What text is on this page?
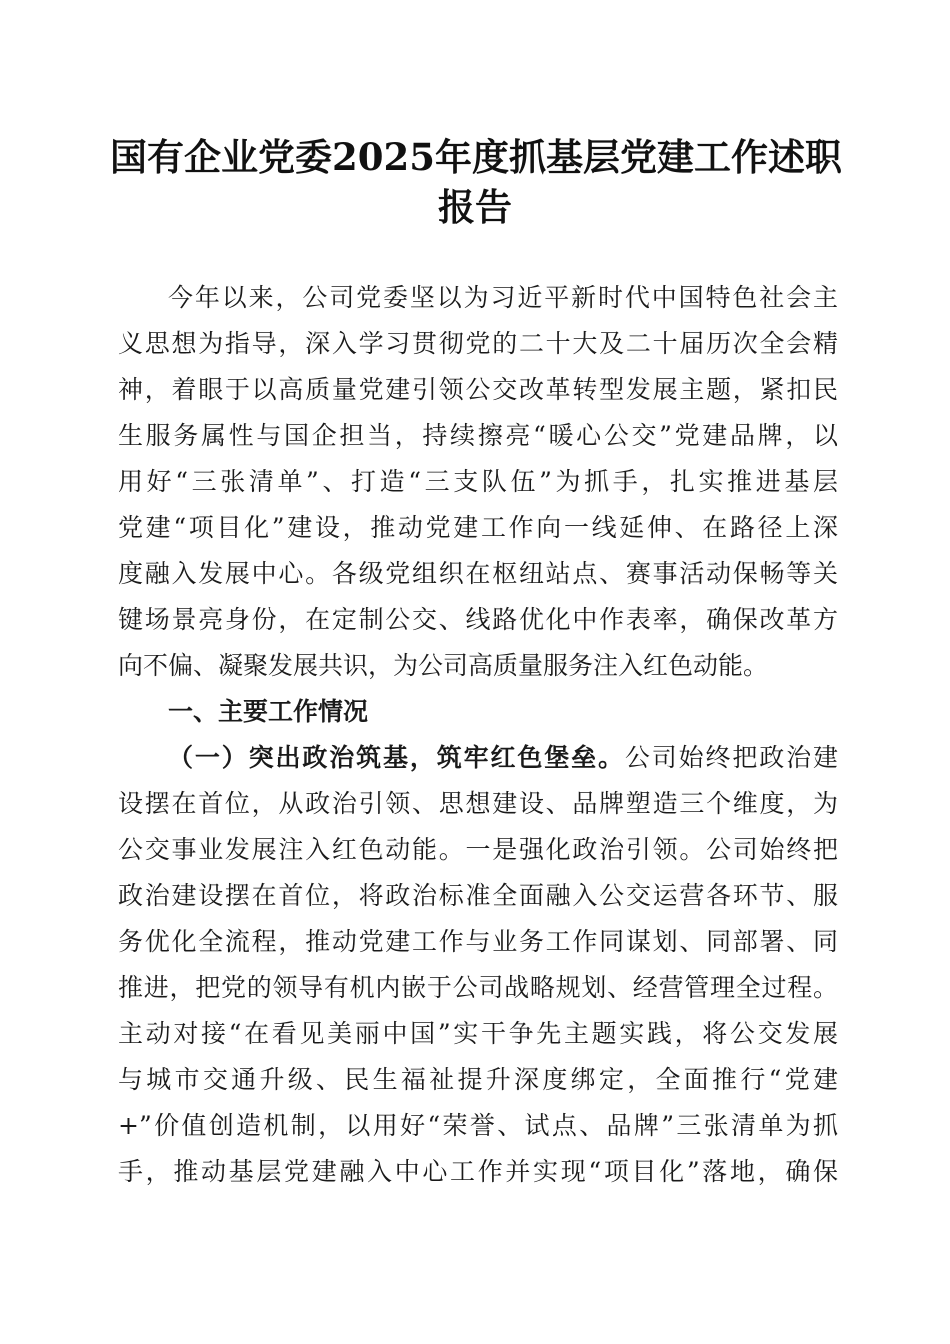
国有企业党委2025年度抓基层党建工作述职
报告

今年以来，公司党委坚以为习近平新时代中国特色社会主

义思想为指导，深入学习贯彻党的二十大及二十届历次全会精

神，着眼于以高质量党建引领公交改革转型发展主题，紧扣民

生服务属性与国企担当，持续擦亮“暖心公交”党建品牌，以

用好“三张清单”、打造“三支队伍”为抓手，扎实推进基层

党建“项目化”建设，推动党建工作向一线延伸、在路径上深

度融入发展中心。各级党组织在枢纽站点、赛事活动保畅等关

键场景亮身份，在定制公交、线路优化中作表率，确保改革方

向不偏、凝聚发展共识，为公司高质量服务注入红色动能。

一、主要工作情况

（一）突出政治筑基，筑牢红色堡垒。公司始终把政治建

设摆在首位，从政治引领、思想建设、品牌塑造三个维度，为

公交事业发展注入红色动能。一是强化政治引领。公司始终把

政治建设摆在首位，将政治标准全面融入公交运营各环节、服

务优化全流程，推动党建工作与业务工作同谋划、同部署、同

推进，把党的领导有机内嵌于公司战略规划、经营管理全过程。

主动对接“在看见美丽中国”实干争先主题实践，将公交发展

与城市交通升级、民生福祉提升深度绑定，全面推行“党建

+”价值创造机制，以用好“荣誉、试点、品牌”三张清单为抓

手，推动基层党建融入中心工作并实现“项目化”落地，确保
